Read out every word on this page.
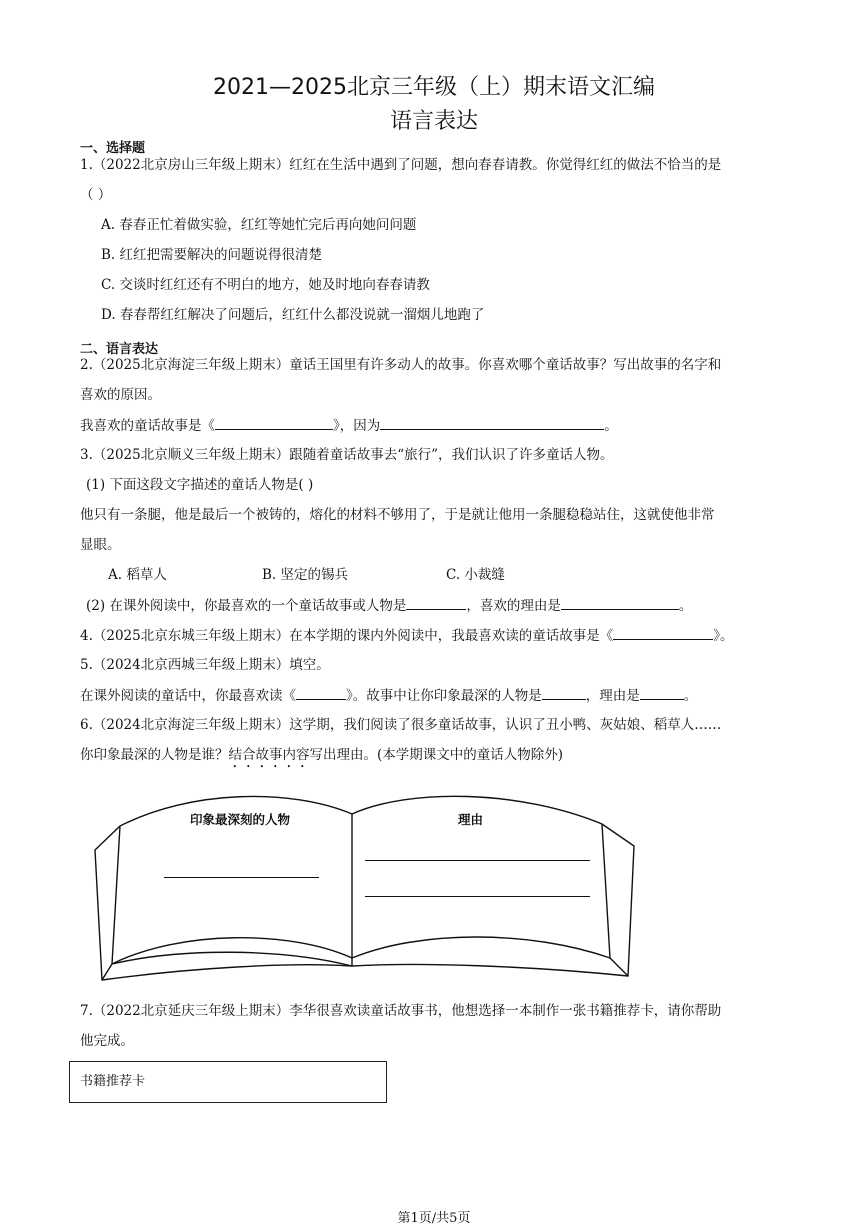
2021—2025北京三年级（上）期末语文汇编
语言表达
一、选择题
1.（2022北京房山三年级上期末）红红在生活中遇到了问题，想向春春请教。你觉得红红的做法不恰当的是
（ ）
A. 春春正忙着做实验，红红等她忙完后再向她问问题
B. 红红把需要解决的问题说得很清楚
C. 交谈时红红还有不明白的地方，她及时地向春春请教
D. 春春帮红红解决了问题后，红红什么都没说就一溜烟儿地跑了
二、语言表达
2.（2025北京海淀三年级上期末）童话王国里有许多动人的故事。你喜欢哪个童话故事？写出故事的名字和
喜欢的原因。
我喜欢的童话故事是《	》，因为	。
3.（2025北京顺义三年级上期末）跟随着童话故事去“旅行”，我们认识了许多童话人物。
(1) 下面这段文字描述的童话人物是( )
他只有一条腿，他是最后一个被铸的，熔化的材料不够用了，于是就让他用一条腿稳稳站住，这就使他非常
显眼。
A. 稻草人	B. 坚定的锡兵	C. 小裁缝
(2) 在课外阅读中，你最喜欢的一个童话故事或人物是	，喜欢的理由是	。
4.（2025北京东城三年级上期末）在本学期的课内外阅读中，我最喜欢读的童话故事是《	》。
5.（2024北京西城三年级上期末）填空。
在课外阅读的童话中，你最喜欢读《	》。故事中让你印象最深的人物是	，理由是	。
6.（2024北京海淀三年级上期末）这学期，我们阅读了很多童话故事，认识了丑小鸭、灰姑娘、稻草人……
你印象最深的人物是谁？结合故事内容写出理由。(本学期课文中的童话人物除外)
印象最深刻的人物	理由
7.（2022北京延庆三年级上期末）李华很喜欢读童话故事书，他想选择一本制作一张书籍推荐卡，请你帮助
他完成。
书籍推荐卡
第1页/共5页
